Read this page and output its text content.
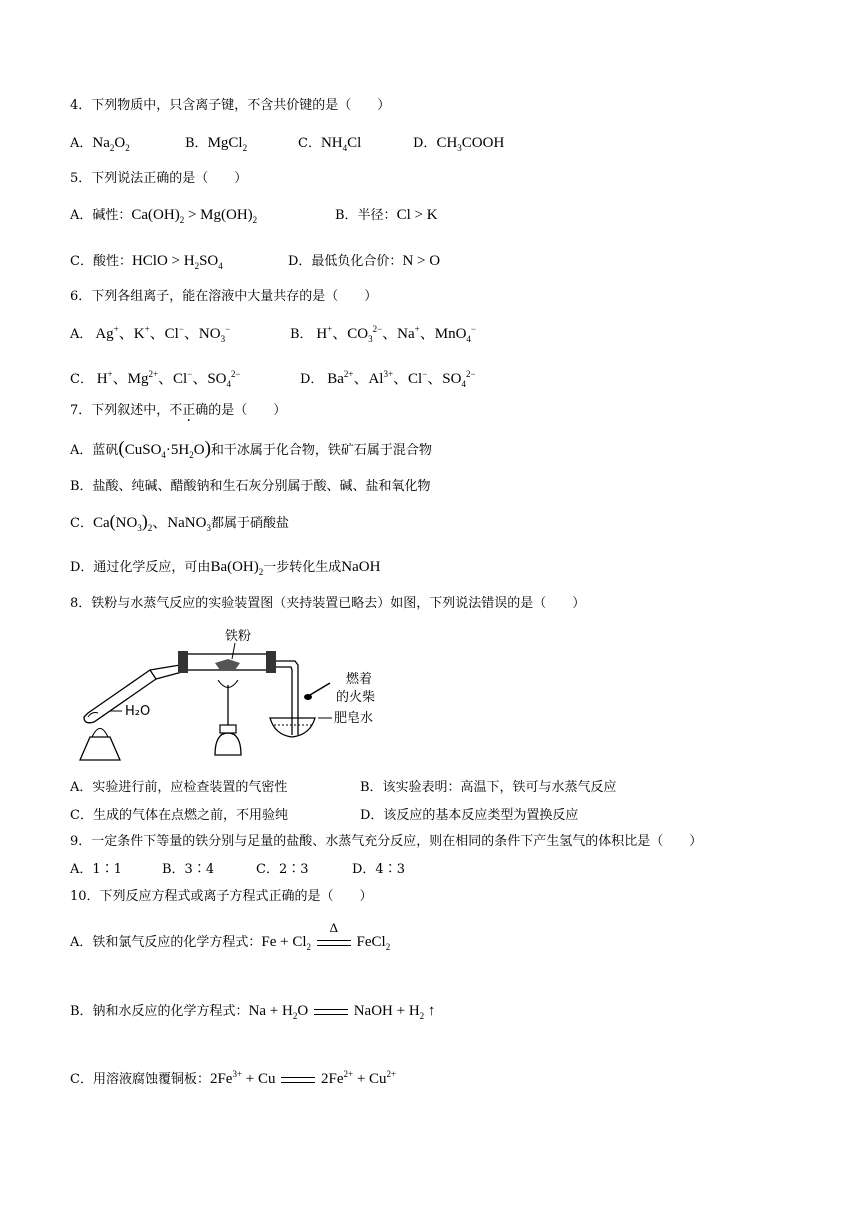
4．下列物质中，只含离子键，不含共价键的是（　　）
A．$Na_2O_2$	B．MgCl$_2$	C．$NH_4Cl$	D．$CH_3COOH$
5．下列说法正确的是（　　）
A．碱性：$Ca(OH)_2 > Mg(OH)_2$	B．半径：Cl > K
C．酸性：HClO > $H_2SO_4$	D．最低负化合价：N > O
6．下列各组离子，能在溶液中大量共存的是（　　）
A． Ag+、K+、Cl−、$NO_3^-$	B． H+、$CO_3^{2-}$、Na+、MnO$_4$−
C． H+、$Mg^{2+}$、Cl−、$SO_4^{2-}$	D． $Ba^{2+}$、$Al^{3+}$、Cl−、$SO_4^{2-}$
7．下列叙述中，不正确的是（　　）
A．蓝矾$(CuSO_4\cdot 5H_2O)$和干冰属于化合物，铁矿石属于混合物
B．盐酸、纯碱、醋酸钠和生石灰分别属于酸、碱、盐和氧化物
C．$Ca(NO_3)_2$、NaNO$_3$都属于硝酸盐
D．通过化学反应，可由$Ba(OH)_2$一步转化生成NaOH
8．铁粉与水蒸气反应的实验装置图（夹持装置已略去）如图，下列说法错误的是（　　）
H₂O
铁粉
燃着
的火柴
肥皂水
A．实验进行前，应检查装置的气密性	B．该实验表明：高温下，铁可与水蒸气反应
C．生成的气体在点燃之前，不用验纯	D．该反应的基本反应类型为置换反应
9．一定条件下等量的铁分别与足量的盐酸、水蒸气充分反应，则在相同的条件下产生氢气的体积比是（　　）
A．1∶1	B．3∶4	C．2∶3	D．4∶3
10．下列反应方程式或离子方程式正确的是（　　）
A．铁和氯气反应的化学方程式：$Fe + Cl_2$
Δ
FeCl$_2$
B．钠和水反应的化学方程式：$Na + H_2O$	NaOH + $H_2$ ↑
C．用溶液腐蚀覆铜板：$2Fe^{3+} + Cu$	$2Fe^{2+} + Cu^{2+}$
